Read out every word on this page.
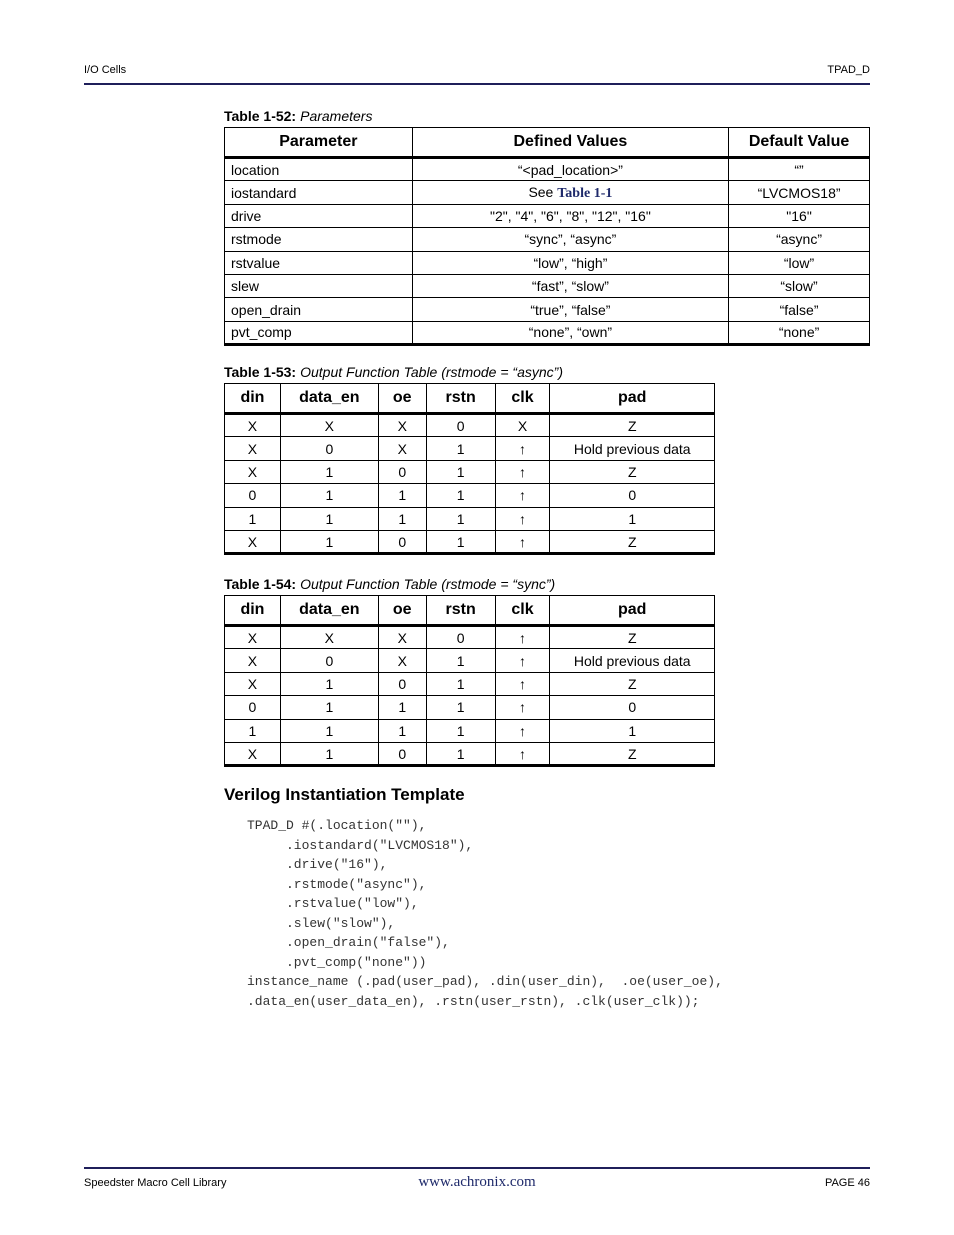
I/O Cells	TPAD_D
Table 1-52: Parameters
Parameter	Defined Values	Default Value
location	“<pad_location>”	“”
iostandard	See Table 1-1	“LVCMOS18”
drive	"2", "4", "6", "8", "12", "16"	"16"
rstmode	“sync”, “async”	“async”
rstvalue	“low”, “high”	“low”
slew	“fast”, “slow”	“slow”
open_drain	“true”, “false”	“false”
pvt_comp	“none”, “own”	“none”
Table 1-53: Output Function Table (rstmode = “async”)
din	data_en	oe	rstn	clk	pad
X	X	X	0	X	Z
X	0	X	1	↑	Hold previous data
X	1	0	1	↑	Z
0	1	1	1	↑	0
1	1	1	1	↑	1
X	1	0	1	↑	Z
Table 1-54: Output Function Table (rstmode = “sync”)
din	data_en	oe	rstn	clk	pad
X	X	X	0	↑	Z
X	0	X	1	↑	Hold previous data
X	1	0	1	↑	Z
0	1	1	1	↑	0
1	1	1	1	↑	1
X	1	0	1	↑	Z
Verilog Instantiation Template
TPAD_D #(.location(""),
.iostandard("LVCMOS18"),
.drive("16"),
.rstmode("async"),
.rstvalue("low"),
.slew("slow"),
.open_drain("false"),
.pvt_comp("none"))
instance_name (.pad(user_pad), .din(user_din),  .oe(user_oe),
.data_en(user_data_en), .rstn(user_rstn), .clk(user_clk));
Speedster Macro Cell Library	www.achronix.com	PAGE 46
